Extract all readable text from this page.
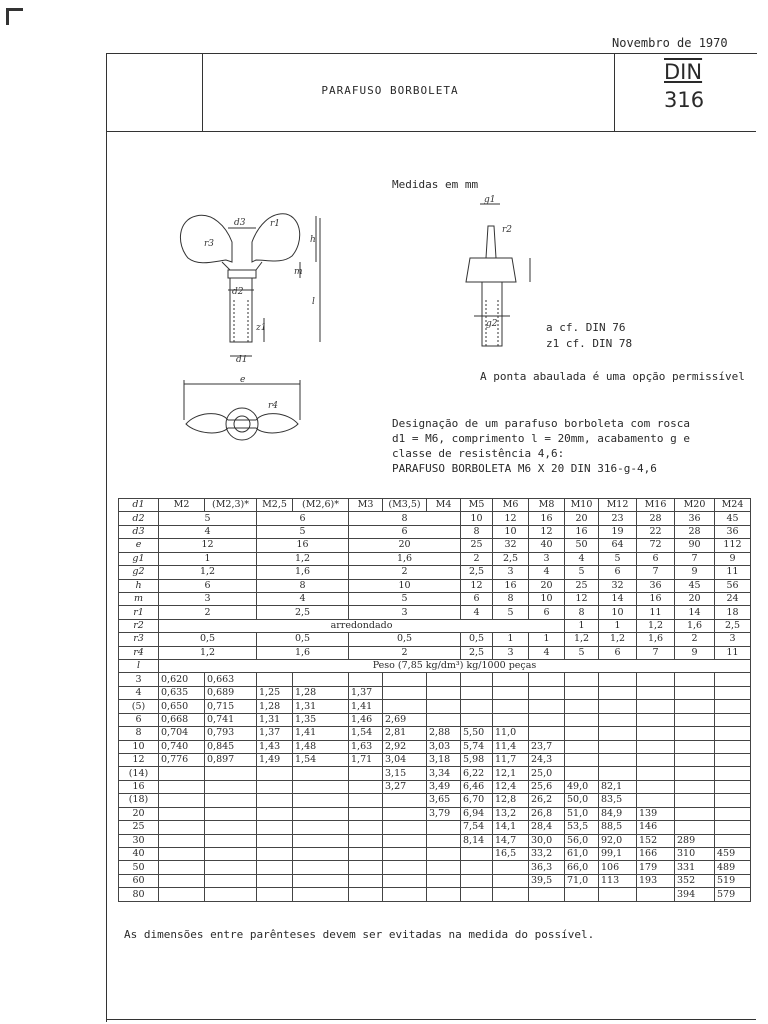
Novembro de 1970
PARAFUSO BORBOLETA
DIN
316
Medidas em mm
d3	r1
r3	h
m
d2
z1
l
d1
e
r4
g1
r2
g2	a cf. DIN 76
z1 cf. DIN 78
A ponta abaulada é uma opção permissível
Designação de um parafuso borboleta com rosca
d1 = M6, comprimento l = 20mm, acabamento g e
classe de resistência 4,6:
PARAFUSO BORBOLETA M6 X 20 DIN 316-g-4,6
d1	M2	(M2,3)*	M2,5	(M2,6)*	M3	(M3,5)	M4	M5	M6	M8	M10	M12	M16	M20	M24
d2	5		6		8			10	12	16	20	23	28	36	45
d3	4		5		6			8	10	12	16	19	22	28	36
e	12		16		20			25	32	40	50	64	72	90	112
g1	1		1,2		1,6			2	2,5	3	4	5	6	7	9
g2	1,2		1,6		2			2,5	3	4	5	6	7	9	11
h	6		8		10			12	16	20	25	32	36	45	56
m	3		4		5			6	8	10	12	14	16	20	24
r1	2		2,5		3			4	5	6	8	10	11	14	18
r2	arredondado										1	1	1,2	1,6	2,5
r3	0,5		0,5		0,5			0,5	1	1	1,2	1,2	1,6	2	3
r4	1,2		1,6		2			2,5	3	4	5	6	7	9	11
l	Peso (7,85 kg/dm³) kg/1000 peças														
3	0,620	0,663													
4	0,635	0,689	1,25	1,28	1,37										
(5)	0,650	0,715	1,28	1,31	1,41										
6	0,668	0,741	1,31	1,35	1,46	2,69									
8	0,704	0,793	1,37	1,41	1,54	2,81	2,88	5,50	11,0						
10	0,740	0,845	1,43	1,48	1,63	2,92	3,03	5,74	11,4	23,7					
12	0,776	0,897	1,49	1,54	1,71	3,04	3,18	5,98	11,7	24,3					
(14)						3,15	3,34	6,22	12,1	25,0					
16						3,27	3,49	6,46	12,4	25,6	49,0	82,1			
(18)							3,65	6,70	12,8	26,2	50,0	83,5			
20							3,79	6,94	13,2	26,8	51,0	84,9	139		
25								7,54	14,1	28,4	53,5	88,5	146		
30								8,14	14,7	30,0	56,0	92,0	152	289	
40									16,5	33,2	61,0	99,1	166	310	459
50										36,3	66,0	106	179	331	489
60										39,5	71,0	113	193	352	519
80														394	579
As dimensões entre parênteses devem ser evitadas na medida do possível.
